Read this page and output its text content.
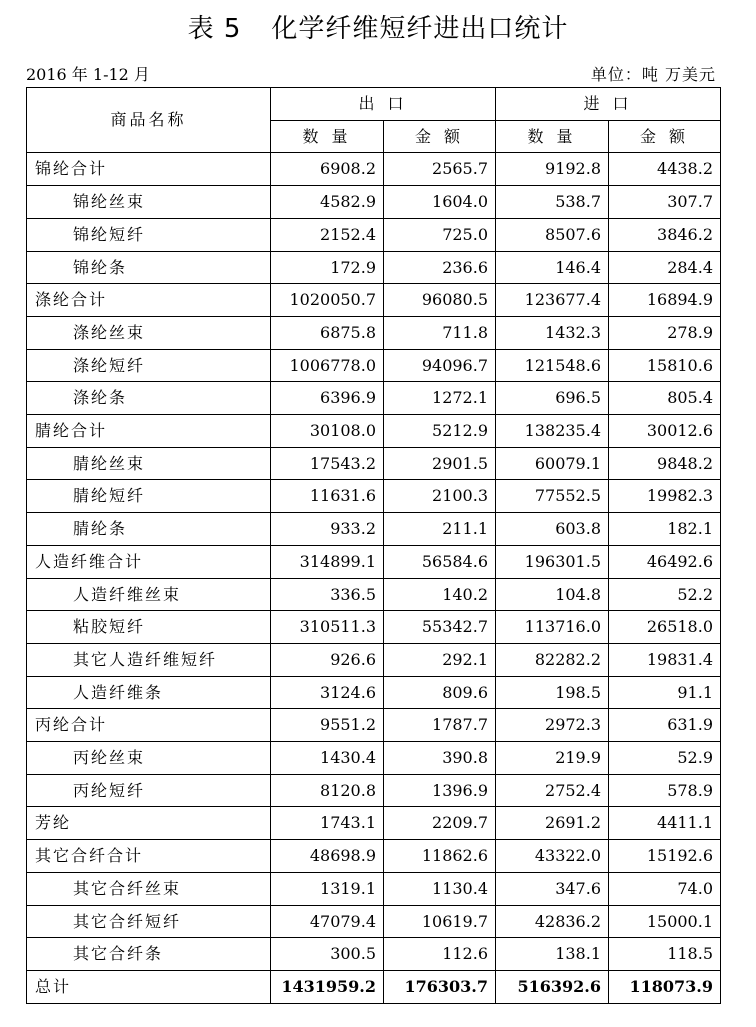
表 5 化学纤维短纤进出口统计
2016 年 1-12 月	单位：吨 万美元
商品名称	出 口		进 口	
	数 量	金 额	数 量	金 额
锦纶合计	6908.2	2565.7	9192.8	4438.2
锦纶丝束	4582.9	1604.0	538.7	307.7
锦纶短纤	2152.4	725.0	8507.6	3846.2
锦纶条	172.9	236.6	146.4	284.4
涤纶合计	1020050.7	96080.5	123677.4	16894.9
涤纶丝束	6875.8	711.8	1432.3	278.9
涤纶短纤	1006778.0	94096.7	121548.6	15810.6
涤纶条	6396.9	1272.1	696.5	805.4
腈纶合计	30108.0	5212.9	138235.4	30012.6
腈纶丝束	17543.2	2901.5	60079.1	9848.2
腈纶短纤	11631.6	2100.3	77552.5	19982.3
腈纶条	933.2	211.1	603.8	182.1
人造纤维合计	314899.1	56584.6	196301.5	46492.6
人造纤维丝束	336.5	140.2	104.8	52.2
粘胶短纤	310511.3	55342.7	113716.0	26518.0
其它人造纤维短纤	926.6	292.1	82282.2	19831.4
人造纤维条	3124.6	809.6	198.5	91.1
丙纶合计	9551.2	1787.7	2972.3	631.9
丙纶丝束	1430.4	390.8	219.9	52.9
丙纶短纤	8120.8	1396.9	2752.4	578.9
芳纶	1743.1	2209.7	2691.2	4411.1
其它合纤合计	48698.9	11862.6	43322.0	15192.6
其它合纤丝束	1319.1	1130.4	347.6	74.0
其它合纤短纤	47079.4	10619.7	42836.2	15000.1
其它合纤条	300.5	112.6	138.1	118.5
总计	1431959.2	176303.7	516392.6	118073.9
